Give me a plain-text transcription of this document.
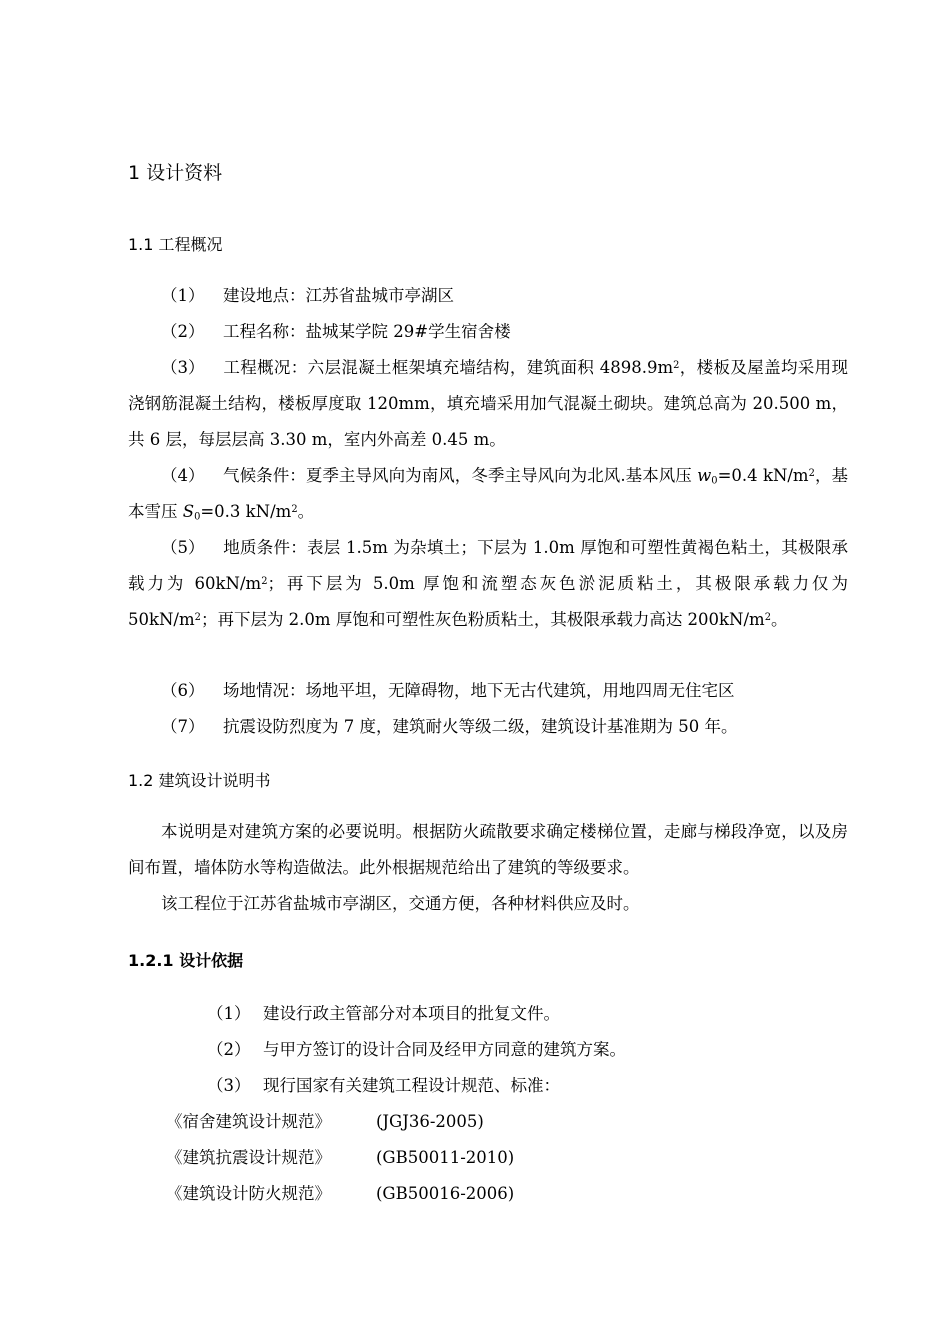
1 设计资料
1.1 工程概况
（1） 建设地点：江苏省盐城市亭湖区
（2） 工程名称：盐城某学院 29#学生宿舍楼
（3） 工程概况：六层混凝土框架填充墙结构，建筑面积 $4898.9m^2$，楼板及屋盖均采用现浇钢筋混凝土结构，楼板厚度取 120mm，填充墙采用加气混凝土砌块。建筑总高为 20.500 m，共 6 层，每层层高 3.30 m，室内外高差 0.45 m。
（4） 气候条件：夏季主导风向为南风，冬季主导风向为北风.基本风压 $w_0=0.4$ $kN/m^2$，基本雪压 $S_0=0.3$ $kN/m^2$。
（5） 地质条件：表层 1.5m 为杂填土；下层为 1.0m 厚饱和可塑性黄褐色粘土，其极限承载力为 $60kN/m^2$；再下层为 5.0m 厚饱和流塑态灰色淤泥质粘土，其极限承载力仅为 $50kN/m^2$；再下层为 2.0m 厚饱和可塑性灰色粉质粘土，其极限承载力高达 $200kN/m^2$。
（6） 场地情况：场地平坦，无障碍物，地下无古代建筑，用地四周无住宅区
（7） 抗震设防烈度为 7 度，建筑耐火等级二级，建筑设计基准期为 50 年。
1.2 建筑设计说明书
本说明是对建筑方案的必要说明。根据防火疏散要求确定楼梯位置，走廊与梯段净宽，以及房间布置，墙体防水等构造做法。此外根据规范给出了建筑的等级要求。
该工程位于江苏省盐城市亭湖区，交通方便，各种材料供应及时。
1.2.1 设计依据
（1） 建设行政主管部分对本项目的批复文件。
（2） 与甲方签订的设计合同及经甲方同意的建筑方案。
（3） 现行国家有关建筑工程设计规范、标准：
《宿舍建筑设计规范》	(JGJ36-2005)
《建筑抗震设计规范》	(GB50011-2010)
《建筑设计防火规范》	(GB50016-2006)
